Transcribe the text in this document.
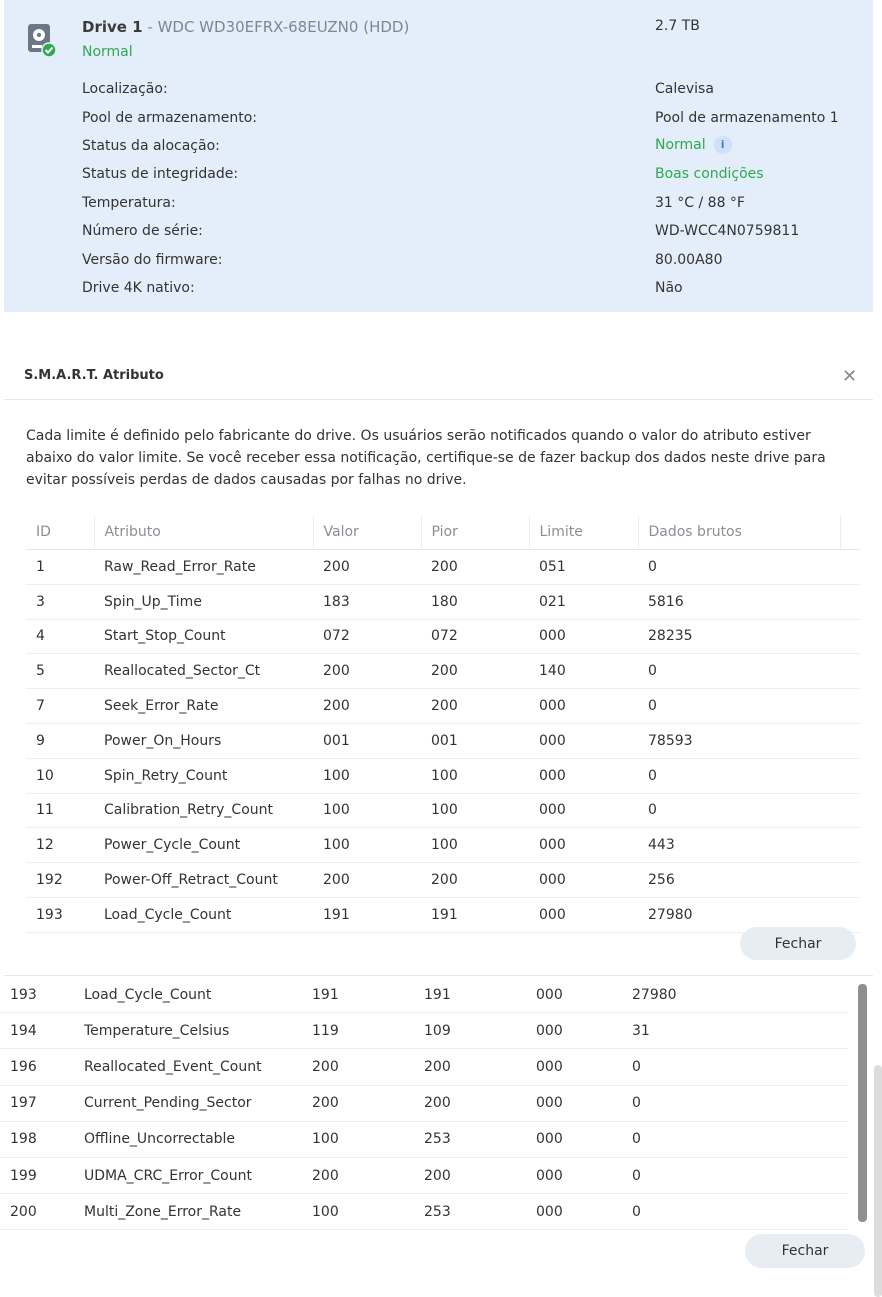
Drive 1 - WDC WD30EFRX-68EUZN0 (HDD)
Normal
2.7 TB
Localização:	Calevisa
Pool de armazenamento:	Pool de armazenamento 1
Status da alocação:	Normal i
Status de integridade:	Boas condições
Temperatura:	31 °C / 88 °F
Número de série:	WD-WCC4N0759811
Versão do firmware:	80.00A80
Drive 4K nativo:	Não
S.M.A.R.T. Atributo	✕
Cada limite é definido pelo fabricante do drive. Os usuários serão notificados quando o valor do atributo estiver abaixo do valor limite. Se você receber essa notificação, certifique-se de fazer backup dos dados neste drive para evitar possíveis perdas de dados causadas por falhas no drive.
ID	Atributo	Valor	Pior	Limite	Dados brutos	
1	Raw_Read_Error_Rate	200	200	051	0	
3	Spin_Up_Time	183	180	021	5816	
4	Start_Stop_Count	072	072	000	28235	
5	Reallocated_Sector_Ct	200	200	140	0	
7	Seek_Error_Rate	200	200	000	0	
9	Power_On_Hours	001	001	000	78593	
10	Spin_Retry_Count	100	100	000	0	
11	Calibration_Retry_Count	100	100	000	0	
12	Power_Cycle_Count	100	100	000	443	
192	Power-Off_Retract_Count	200	200	000	256	
193	Load_Cycle_Count	191	191	000	27980	
Fechar
193	Load_Cycle_Count	191	191	000	27980
194	Temperature_Celsius	119	109	000	31
196	Reallocated_Event_Count	200	200	000	0
197	Current_Pending_Sector	200	200	000	0
198	Offline_Uncorrectable	100	253	000	0
199	UDMA_CRC_Error_Count	200	200	000	0
200	Multi_Zone_Error_Rate	100	253	000	0
Fechar
